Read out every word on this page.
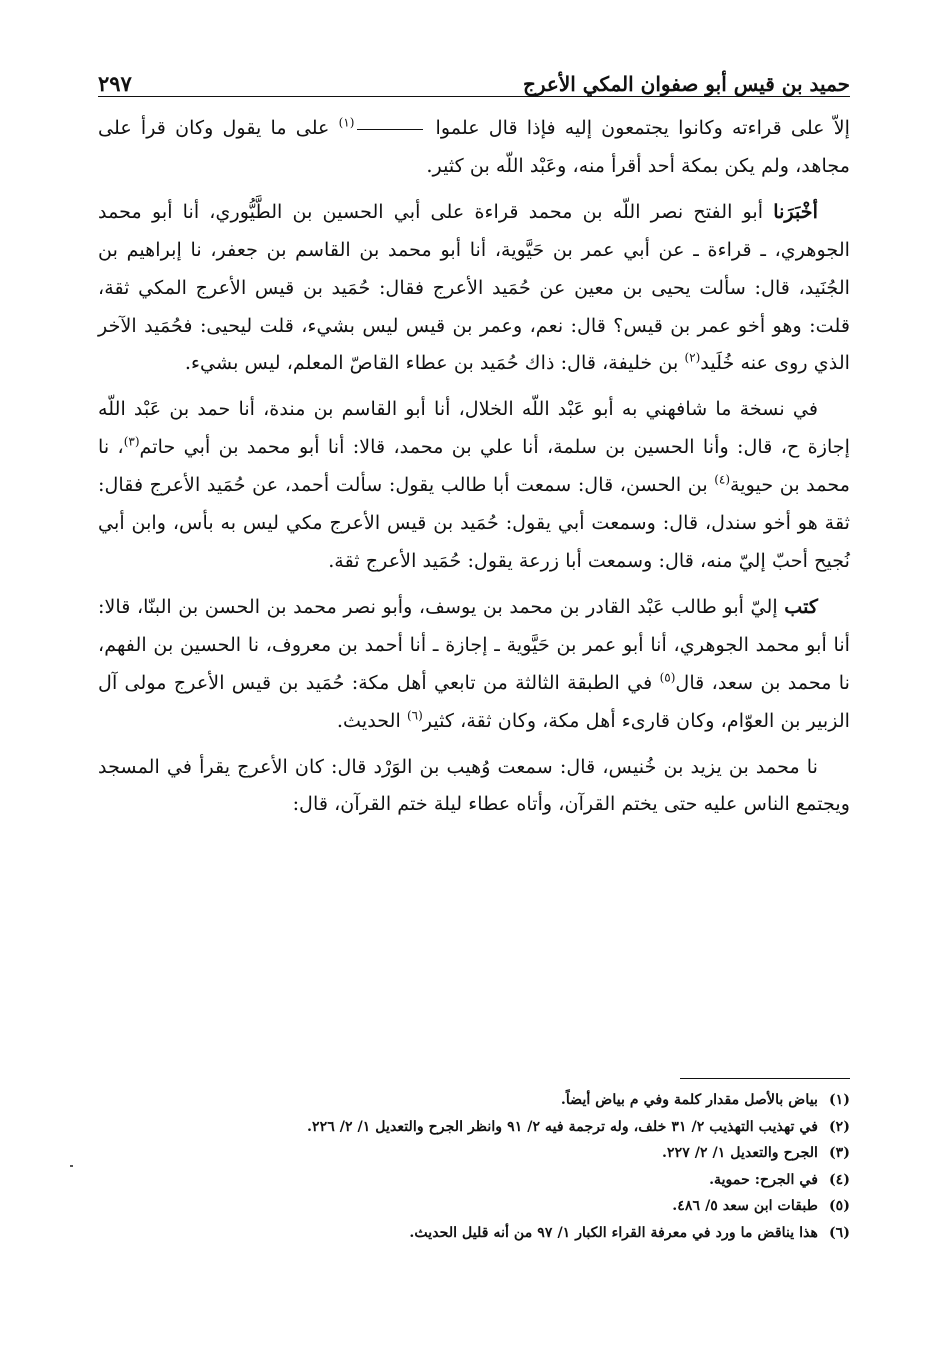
حميد بن قيس أبو صفوان المكي الأعرج
٢٩٧

إلاّ على قراءته وكانوا يجتمعون إليه فإذا قال علموا $^{(١)}$ على ما يقول وكان قرأ على مجاهد، ولم يكن بمكة أحد أقرأ منه، وعَبْد اللّه بن كثير.

أخْبَرَنا أبو الفتح نصر اللّه بن محمد قراءة على أبي الحسين بن الطَّيُّوري، أنا أبو محمد الجوهري، ـ قراءة ـ عن أبي عمر بن حَيَّوية، أنا أبو محمد بن القاسم بن جعفر، نا إبراهيم بن الجُنَيد، قال: سألت يحيى بن معين عن حُمَيد الأعرج فقال: حُمَيد بن قيس الأعرج المكي ثقة، قلت: وهو أخو عمر بن قيس؟ قال: نعم، وعمر بن قيس ليس بشيء، قلت ليحيى: فحُمَيد الآخر الذي روى عنه خُلَيد$^{(٢)}$ بن خليفة، قال: ذاك حُمَيد بن عطاء القاصّ المعلم، ليس بشيء.

في نسخة ما شافهني به أبو عَبْد اللّه الخلال، أنا أبو القاسم بن مندة، أنا حمد بن عَبْد اللّه إجازة ح، قال: وأنا الحسين بن سلمة، أنا علي بن محمد، قالا: أنا أبو محمد بن أبي حاتم$^{(٣)}$، نا محمد بن حيوية$^{(٤)}$ بن الحسن، قال: سمعت أبا طالب يقول: سألت أحمد، عن حُمَيد الأعرج فقال: ثقة هو أخو سندل، قال: وسمعت أبي يقول: حُمَيد بن قيس الأعرج مكي ليس به بأس، وابن أبي نُجيح أحبّ إليّ منه، قال: وسمعت أبا زرعة يقول: حُمَيد الأعرج ثقة.

كتب إليّ أبو طالب عَبْد القادر بن محمد بن يوسف، وأبو نصر محمد بن الحسن بن البنّا، قالا: أنا أبو محمد الجوهري، أنا أبو عمر بن حَيَّوية ـ إجازة ـ أنا أحمد بن معروف، نا الحسين بن الفهم، نا محمد بن سعد، قال$^{(٥)}$ في الطبقة الثالثة من تابعي أهل مكة: حُمَيد بن قيس الأعرج مولى آل الزبير بن العوّام، وكان قارىء أهل مكة، وكان ثقة، كثير$^{(٦)}$ الحديث.

نا محمد بن يزيد بن خُنيس، قال: سمعت وُهيب بن الوَرْد قال: كان الأعرج يقرأ في المسجد ويجتمع الناس عليه حتى يختم القرآن، وأتاه عطاء ليلة ختم القرآن، قال:

(١)
بياض بالأصل مقدار كلمة وفي م بياض أيضاً.
(٢)
في تهذيب التهذيب ٢/ ٣١ خلف، وله ترجمة فيه ٢/ ٩١ وانظر الجرح والتعديل ١/ ٢/ ٢٢٦.
(٣)
الجرح والتعديل ١/ ٢/ ٢٢٧.
(٤)
في الجرح: حموية.
(٥)
طبقات ابن سعد ٥/ ٤٨٦.
(٦)
هذا يناقض ما ورد في معرفة القراء الكبار ١/ ٩٧ من أنه قليل الحديث.
